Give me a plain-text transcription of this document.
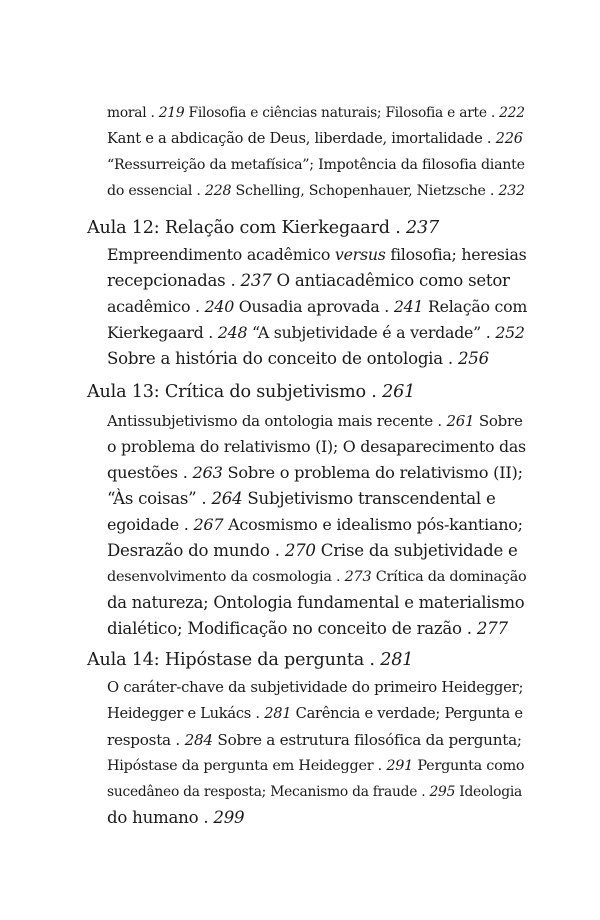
moral . 219 Filosofia e ciências naturais; Filosofia e arte . 222
Kant e a abdicação de Deus, liberdade, imortalidade . 226
“Ressurreição da metafísica”; Impotência da filosofia diante
do essencial . 228 Schelling, Schopenhauer, Nietzsche . 232
Aula 12: Relação com Kierkegaard . 237
Empreendimento acadêmico versus filosofia; heresias
recepcionadas . 237 O antiacadêmico como setor
acadêmico . 240 Ousadia aprovada . 241 Relação com
Kierkegaard . 248 “A subjetividade é a verdade” . 252
Sobre a história do conceito de ontologia . 256
Aula 13: Crítica do subjetivismo . 261
Antissubjetivismo da ontologia mais recente . 261 Sobre
o problema do relativismo (I); O desaparecimento das
questões . 263 Sobre o problema do relativismo (II);
“Às coisas” . 264 Subjetivismo transcendental e
egoidade . 267 Acosmismo e idealismo pós-kantiano;
Desrazão do mundo . 270 Crise da subjetividade e
desenvolvimento da cosmologia . 273 Crítica da dominação
da natureza; Ontologia fundamental e materialismo
dialético; Modificação no conceito de razão . 277
Aula 14: Hipóstase da pergunta . 281
O caráter-chave da subjetividade do primeiro Heidegger;
Heidegger e Lukács . 281 Carência e verdade; Pergunta e
resposta . 284 Sobre a estrutura filosófica da pergunta;
Hipóstase da pergunta em Heidegger . 291 Pergunta como
sucedâneo da resposta; Mecanismo da fraude . 295 Ideologia
do humano . 299
